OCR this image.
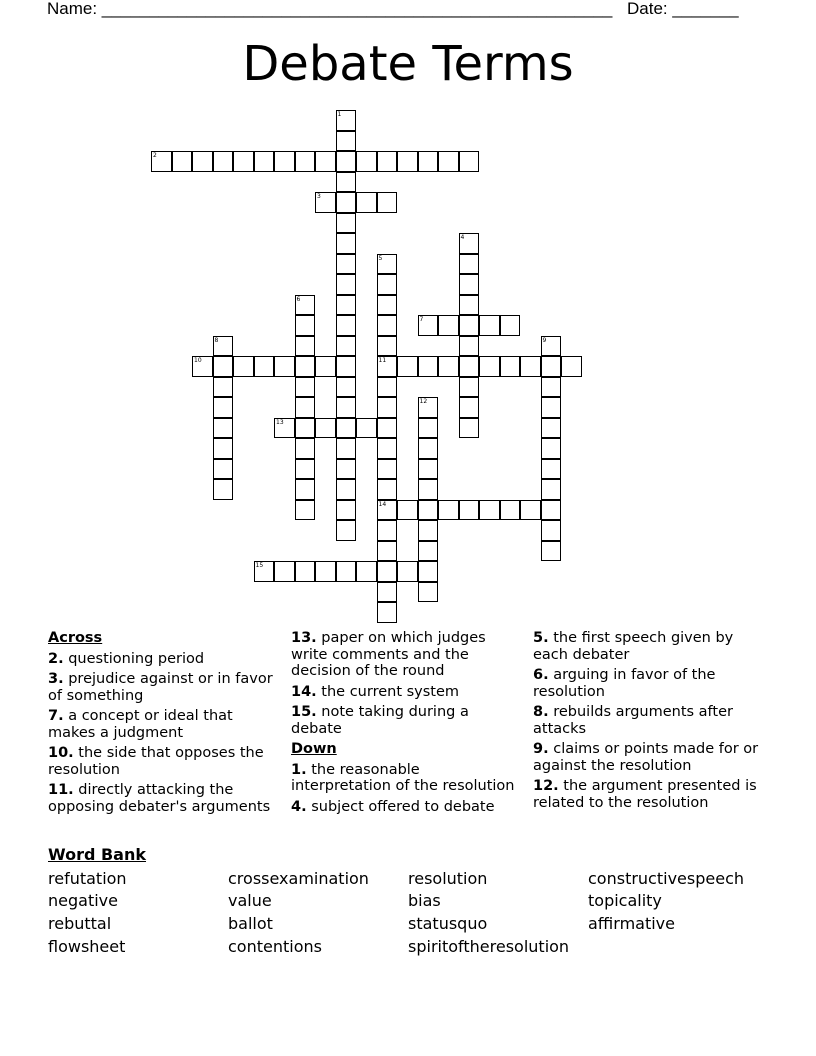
Name: ______________________________________________________ Date: _______
Debate Terms
1
2
3
4
5
11
14
6
7
8	9
10
12
13
15
Across
2. questioning period
3. prejudice against or in favor of something
7. a concept or ideal that makes a judgment
10. the side that opposes the resolution
11. directly attacking the opposing debater's arguments
13. paper on which judges write comments and the decision of the round
14. the current system
15. note taking during a debate
Down
1. the reasonable interpretation of the resolution
4. subject offered to debate
5. the first speech given by each debater
6. arguing in favor of the resolution
8. rebuilds arguments after attacks
9. claims or points made for or against the resolution
12. the argument presented is related to the resolution
Word Bank
refutation	crossexamination resolution	constructivespeech
negative	value	bias	topicality
rebuttal	ballot	statusquo	affirmative
flowsheet	contentions	spiritoftheresolution
